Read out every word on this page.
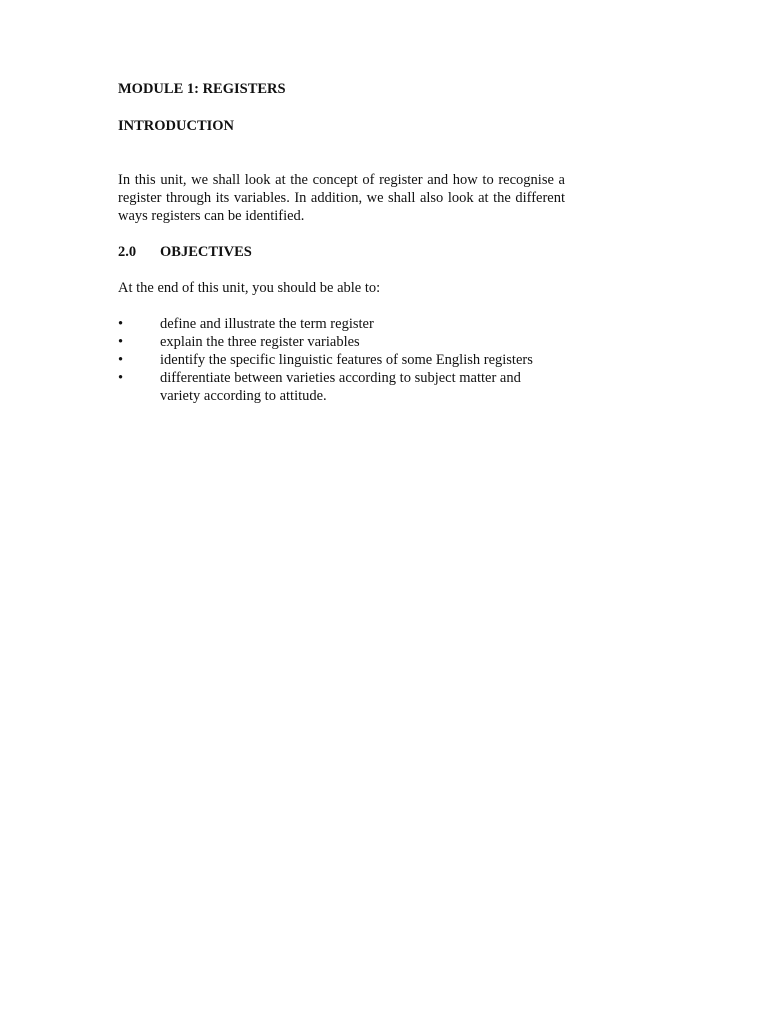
MODULE 1: REGISTERS
INTRODUCTION

In this unit, we shall look at the concept of register and how to recognise a register through its variables. In addition, we shall also look at the different ways registers can be identified.

2.0	OBJECTIVES

At the end of this unit, you should be able to:

•	define and illustrate the term register
•	explain the three register variables
•	identify the specific linguistic features of some English registers
•	differentiate between varieties according to subject matter and variety according to attitude.
